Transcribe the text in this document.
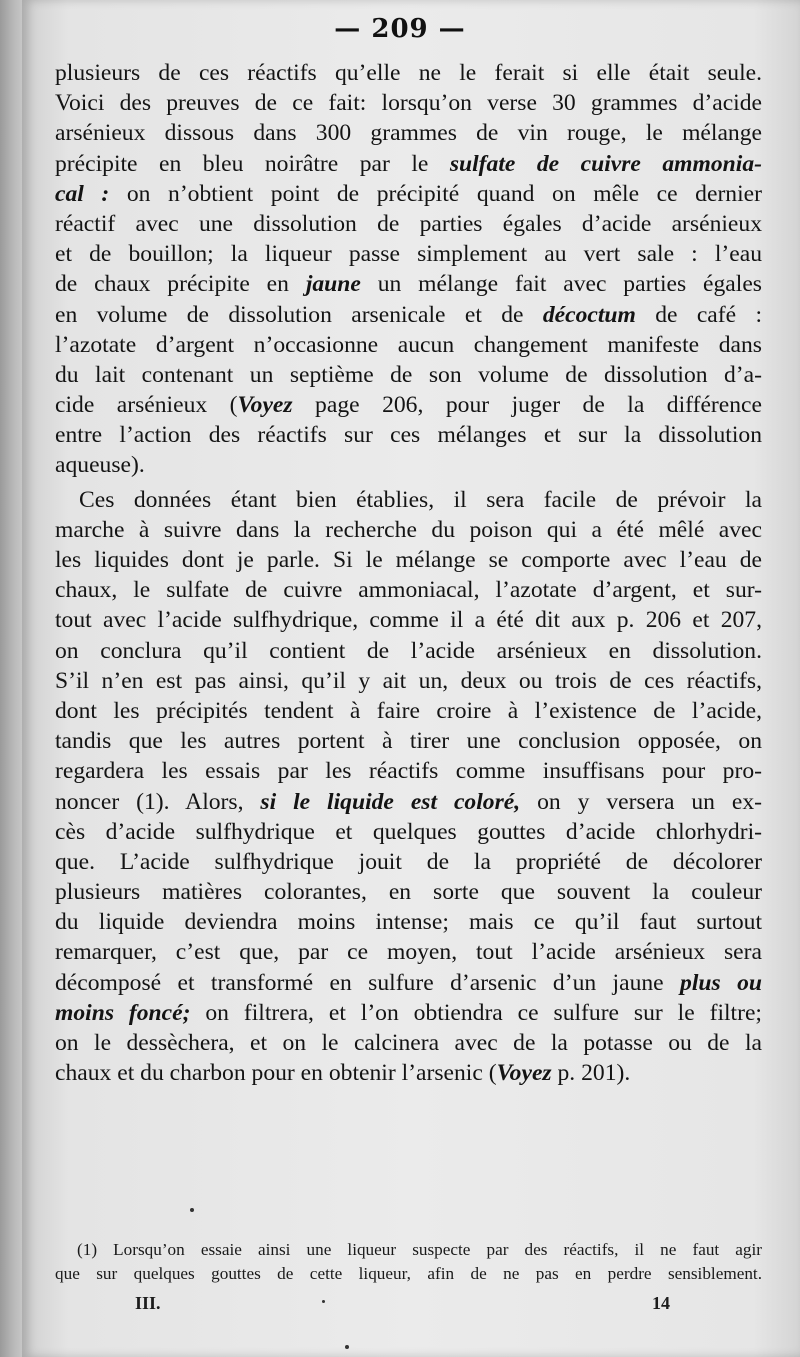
— 209 —
plusieurs de ces réactifs qu’elle ne le ferait si elle était seule.
Voici des preuves de ce fait: lorsqu’on verse 30 grammes d’acide
arsénieux dissous dans 300 grammes de vin rouge, le mélange
précipite en bleu noirâtre par le sulfate de cuivre ammonia-
cal : on n’obtient point de précipité quand on mêle ce dernier
réactif avec une dissolution de parties égales d’acide arsénieux
et de bouillon; la liqueur passe simplement au vert sale : l’eau
de chaux précipite en jaune un mélange fait avec parties égales
en volume de dissolution arsenicale et de décoctum de café :
l’azotate d’argent n’occasionne aucun changement manifeste dans
du lait contenant un septième de son volume de dissolution d’a-
cide arsénieux (Voyez page 206, pour juger de la différence
entre l’action des réactifs sur ces mélanges et sur la dissolution
aqueuse).
Ces données étant bien établies, il sera facile de prévoir la
marche à suivre dans la recherche du poison qui a été mêlé avec
les liquides dont je parle. Si le mélange se comporte avec l’eau de
chaux, le sulfate de cuivre ammoniacal, l’azotate d’argent, et sur-
tout avec l’acide sulfhydrique, comme il a été dit aux p. 206 et 207,
on conclura qu’il contient de l’acide arsénieux en dissolution.
S’il n’en est pas ainsi, qu’il y ait un, deux ou trois de ces réactifs,
dont les précipités tendent à faire croire à l’existence de l’acide,
tandis que les autres portent à tirer une conclusion opposée, on
regardera les essais par les réactifs comme insuffisans pour pro-
noncer (1). Alors, si le liquide est coloré, on y versera un ex-
cès d’acide sulfhydrique et quelques gouttes d’acide chlorhydri-
que. L’acide sulfhydrique jouit de la propriété de décolorer
plusieurs matières colorantes, en sorte que souvent la couleur
du liquide deviendra moins intense; mais ce qu’il faut surtout
remarquer, c’est que, par ce moyen, tout l’acide arsénieux sera
décomposé et transformé en sulfure d’arsenic d’un jaune plus ou
moins foncé; on filtrera, et l’on obtiendra ce sulfure sur le filtre;
on le dessèchera, et on le calcinera avec de la potasse ou de la
chaux et du charbon pour en obtenir l’arsenic (Voyez p. 201).
(1) Lorsqu’on essaie ainsi une liqueur suspecte par des réactifs, il ne faut agir
que sur quelques gouttes de cette liqueur, afin de ne pas en perdre sensiblement.
III.	14
